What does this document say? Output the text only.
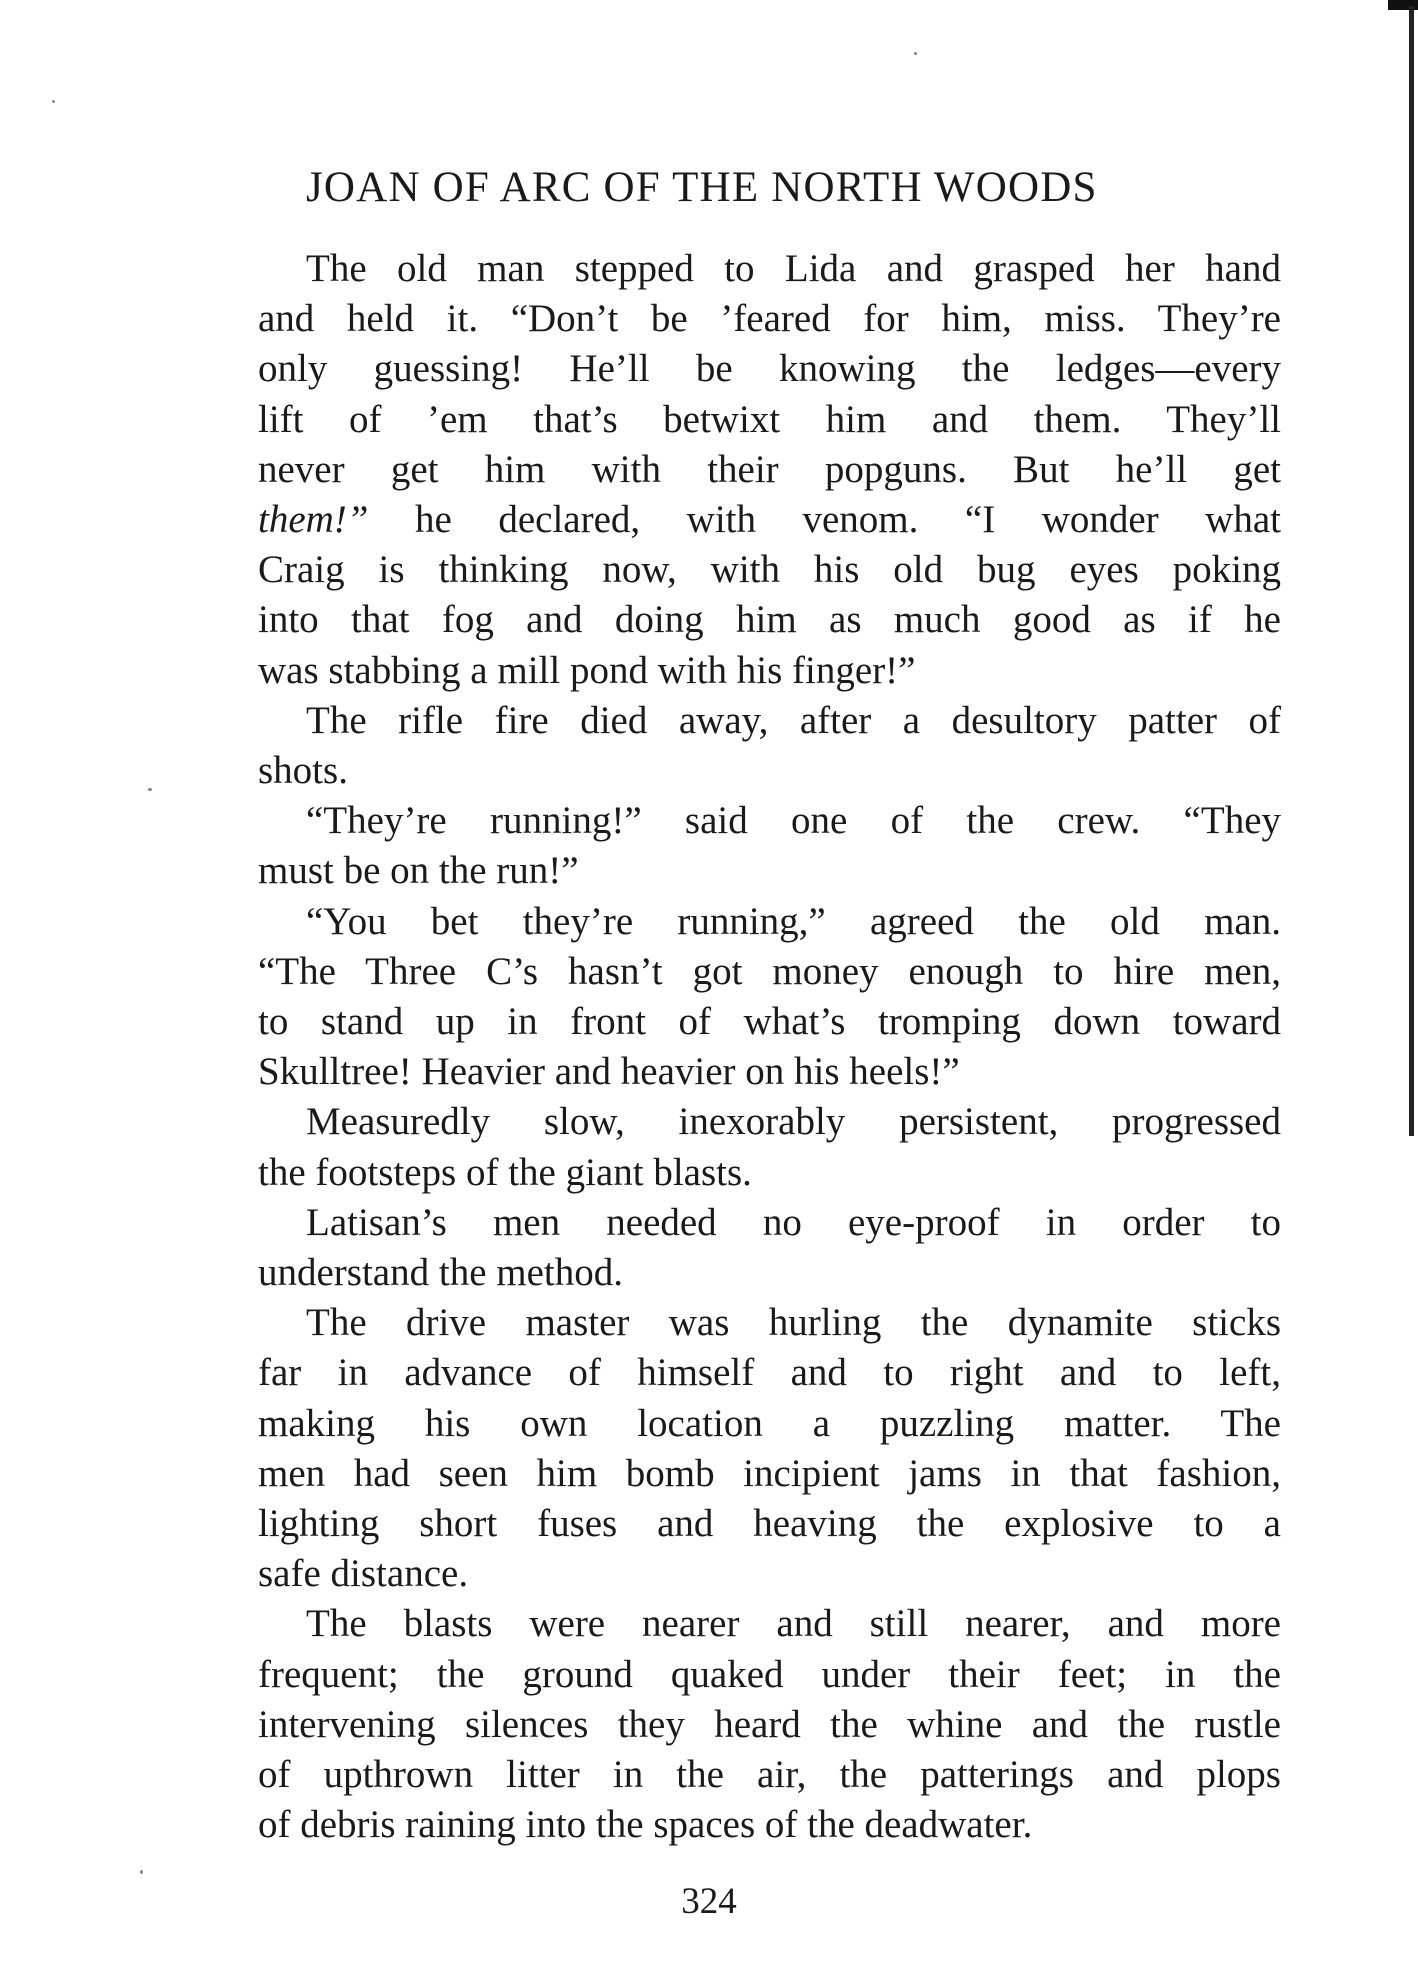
JOAN OF ARC OF THE NORTH WOODS
The old man stepped to Lida and grasped her hand
and held it. “Don’t be ’feared for him, miss. They’re
only guessing! He’ll be knowing the ledges—every
lift of ’em that’s betwixt him and them. They’ll
never get him with their popguns. But he’ll get
them!” he declared, with venom. “I wonder what
Craig is thinking now, with his old bug eyes poking
into that fog and doing him as much good as if he
was stabbing a mill pond with his finger!”
The rifle fire died away, after a desultory patter of
shots.
“They’re running!” said one of the crew. “They
must be on the run!”
“You bet they’re running,” agreed the old man.
“The Three C’s hasn’t got money enough to hire men,
to stand up in front of what’s tromping down toward
Skulltree! Heavier and heavier on his heels!”
Measuredly slow, inexorably persistent, progressed
the footsteps of the giant blasts.
Latisan’s men needed no eye-proof in order to
understand the method.
The drive master was hurling the dynamite sticks
far in advance of himself and to right and to left,
making his own location a puzzling matter. The
men had seen him bomb incipient jams in that fashion,
lighting short fuses and heaving the explosive to a
safe distance.
The blasts were nearer and still nearer, and more
frequent; the ground quaked under their feet; in the
intervening silences they heard the whine and the rustle
of upthrown litter in the air, the patterings and plops
of debris raining into the spaces of the deadwater.
324
